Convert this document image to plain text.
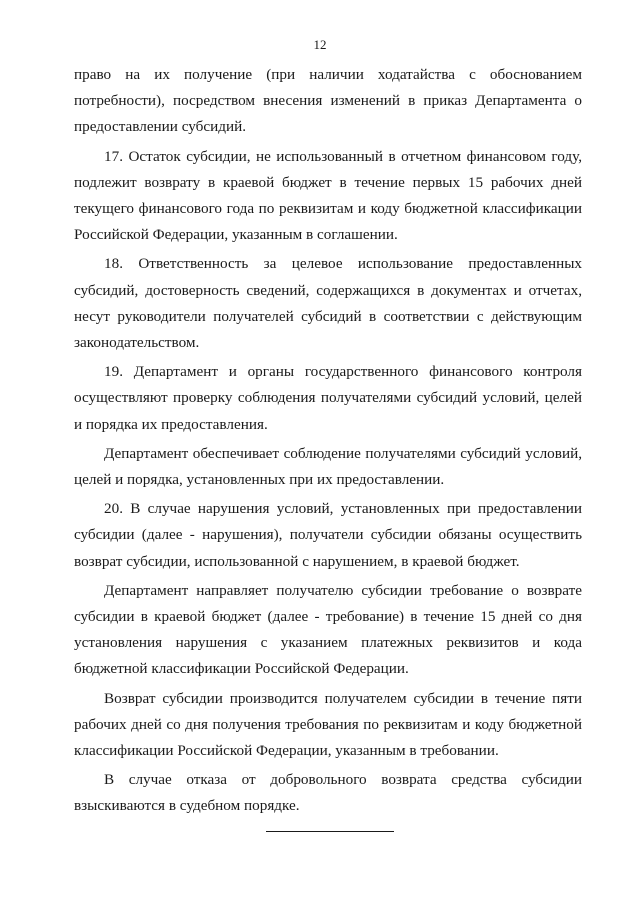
12

право на их получение (при наличии ходатайства с обоснованием потребности), посредством внесения изменений в приказ Департамента о предоставлении субсидий.

17. Остаток субсидии, не использованный в отчетном финансовом году, подлежит возврату в краевой бюджет в течение первых 15 рабочих дней текущего финансового года по реквизитам и коду бюджетной классификации Российской Федерации, указанным в соглашении.

18. Ответственность за целевое использование предоставленных субсидий, достоверность сведений, содержащихся в документах и отчетах, несут руководители получателей субсидий в соответствии с действующим законодательством.

19. Департамент и органы государственного финансового контроля осуществляют проверку соблюдения получателями субсидий условий, целей и порядка их предоставления.

Департамент обеспечивает соблюдение получателями субсидий условий, целей и порядка, установленных при их предоставлении.

20. В случае нарушения условий, установленных при предоставлении субсидии (далее - нарушения), получатели субсидии обязаны осуществить возврат субсидии, использованной с нарушением, в краевой бюджет.

Департамент направляет получателю субсидии требование о возврате субсидии в краевой бюджет (далее - требование) в течение 15 дней со дня установления нарушения с указанием платежных реквизитов и кода бюджетной классификации Российской Федерации.

Возврат субсидии производится получателем субсидии в течение пяти рабочих дней со дня получения требования по реквизитам и коду бюджетной классификации Российской Федерации, указанным в требовании.

В случае отказа от добровольного возврата средства субсидии взыскиваются в судебном порядке.
